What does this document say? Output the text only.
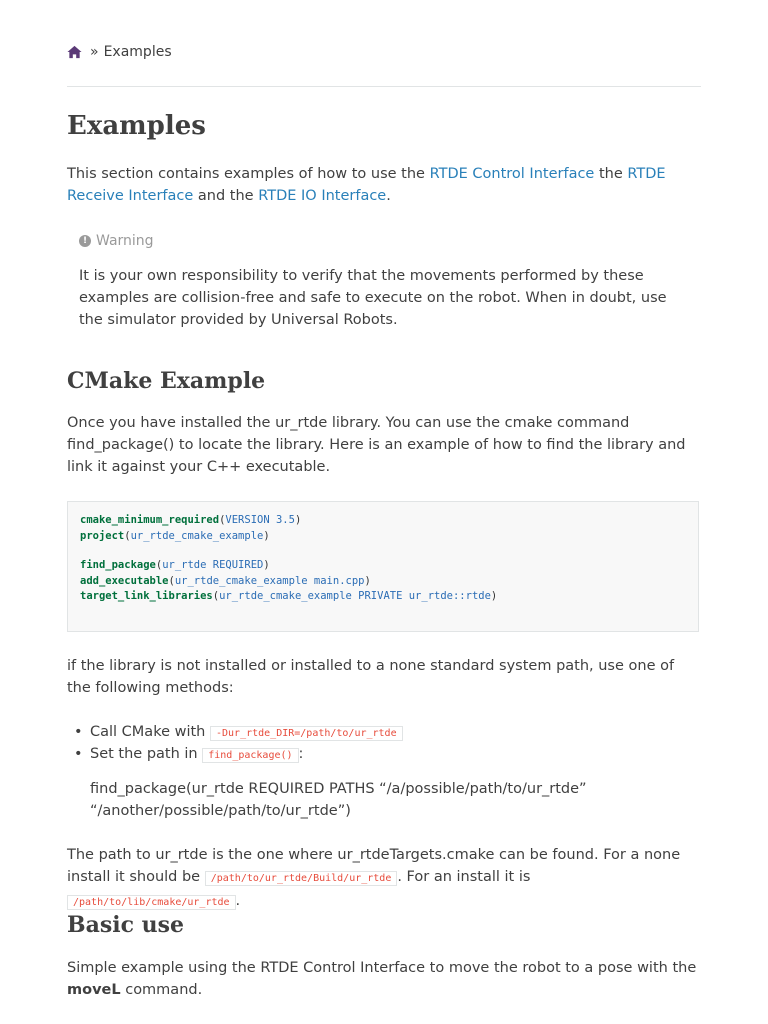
» Examples
Examples

This section contains examples of how to use the RTDE Control Interface the RTDE Receive Interface and the RTDE IO Interface.

! Warning

It is your own responsibility to verify that the movements performed by these examples are collision-free and safe to execute on the robot. When in doubt, use the simulator provided by Universal Robots.

CMake Example

Once you have installed the ur_rtde library. You can use the cmake command find_package() to locate the library. Here is an example of how to find the library and link it against your C++ executable.

cmake_minimum_required(VERSION 3.5)
project(ur_rtde_cmake_example)
find_package(ur_rtde REQUIRED)
add_executable(ur_rtde_cmake_example main.cpp)
target_link_libraries(ur_rtde_cmake_example PRIVATE ur_rtde::rtde)

if the library is not installed or installed to a none standard system path, use one of the following methods:

• Call CMake with -Dur_rtde_DIR=/path/to/ur_rtde
• Set the path in find_package() :

find_package(ur_rtde REQUIRED PATHS “/a/possible/path/to/ur_rtde” “/another/possible/path/to/ur_rtde”)

The path to ur_rtde is the one where ur_rtdeTargets.cmake can be found. For a none install it should be /path/to/ur_rtde/Build/ur_rtde . For an install it is /path/to/lib/cmake/ur_rtde .

Basic use

Simple example using the RTDE Control Interface to move the robot to a pose with the moveL command.
